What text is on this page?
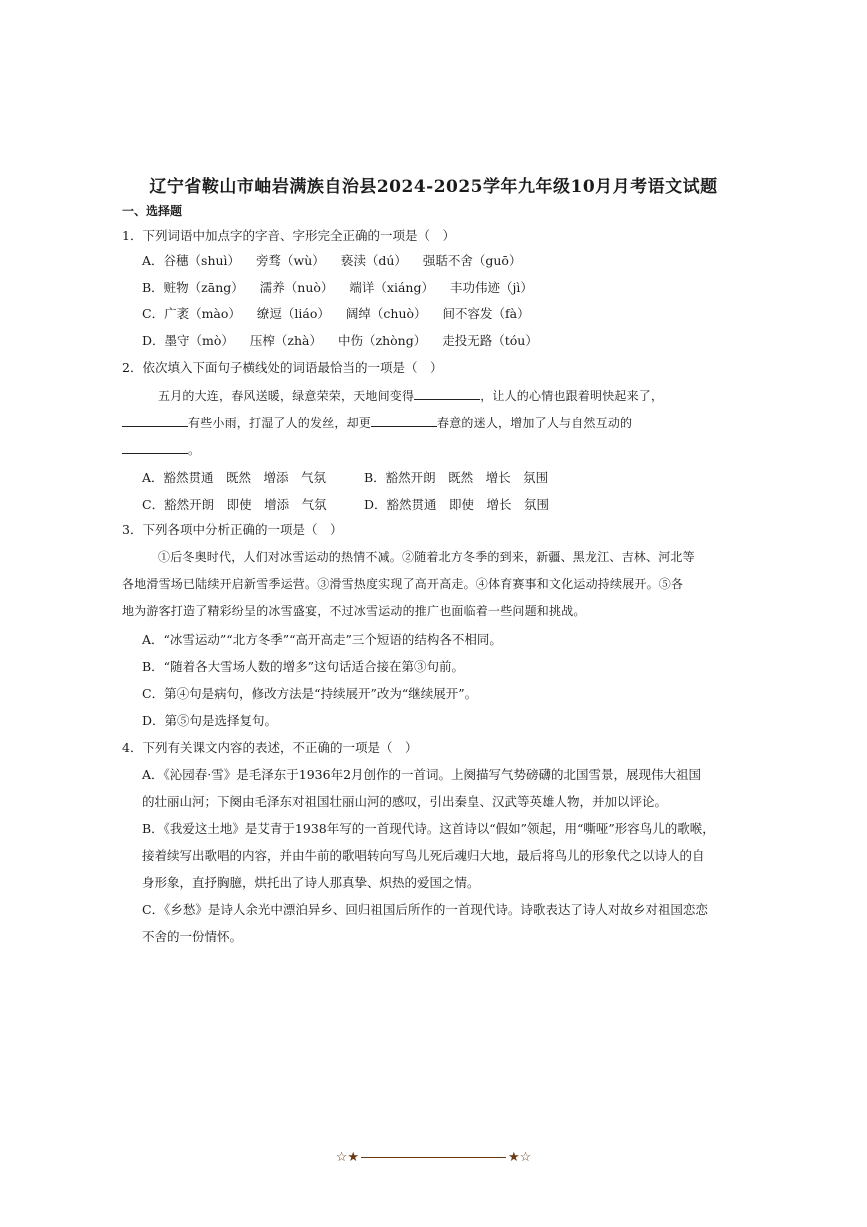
辽宁省鞍山市岫岩满族自治县2024-2025学年九年级10月月考语文试题
一、选择题
1．下列词语中加点字的字音、字形完全正确的一项是（　）
A．谷穗（shuì） 旁骛（wù） 亵渎（dú） 强聒不舍（guō）
B．赃物（zāng） 濡养（nuò） 端详（xiáng） 丰功伟迹（jì）
C．广袤（mào） 缭逗（liáo） 阔绰（chuò） 间不容发（fà）
D．墨守（mò） 压榨（zhà） 中伤（zhòng） 走投无路（tóu）
2．依次填入下面句子横线处的词语最恰当的一项是（　）
五月的大连，春风送暖，绿意荣荣，天地间变得	，让人的心情也跟着明快起来了，
有些小雨，打湿了人的发丝，却更	春意的迷人，增加了人与自然互动的
。
A．豁然贯通　既然　增添　气氛	B．豁然开朗　既然　增长　氛围
C．豁然开朗　即使　增添　气氛	D．豁然贯通　即使　增长　氛围
3．下列各项中分析正确的一项是（　）
①后冬奥时代，人们对冰雪运动的热情不减。②随着北方冬季的到来，新疆、黑龙江、吉林、河北等
各地滑雪场已陆续开启新雪季运营。③滑雪热度实现了高开高走。④体育赛事和文化运动持续展开。⑤各
地为游客打造了精彩纷呈的冰雪盛宴，不过冰雪运动的推广也面临着一些问题和挑战。
A．“冰雪运动”“北方冬季”“高开高走”三个短语的结构各不相同。
B．“随着各大雪场人数的增多”这句话适合接在第③句前。
C．第④句是病句，修改方法是“持续展开”改为“继续展开”。
D．第⑤句是选择复句。
4．下列有关课文内容的表述，不正确的一项是（　）
A．《沁园春·雪》是毛泽东于1936年2月创作的一首词。上阕描写气势磅礴的北国雪景，展现伟大祖国
的壮丽山河；下阕由毛泽东对祖国壮丽山河的感叹，引出秦皇、汉武等英雄人物，并加以评论。
B．《我爱这土地》是艾青于1938年写的一首现代诗。这首诗以“假如”领起，用“嘶哑”形容鸟儿的歌喉，
接着续写出歌唱的内容，并由牛前的歌唱转向写鸟儿死后魂归大地，最后将鸟儿的形象代之以诗人的自
身形象，直抒胸臆，烘托出了诗人那真挚、炽热的爱国之情。
C．《乡愁》是诗人余光中漂泊异乡、回归祖国后所作的一首现代诗。诗歌表达了诗人对故乡对祖国恋恋
不舍的一份情怀。
☆★	★☆
